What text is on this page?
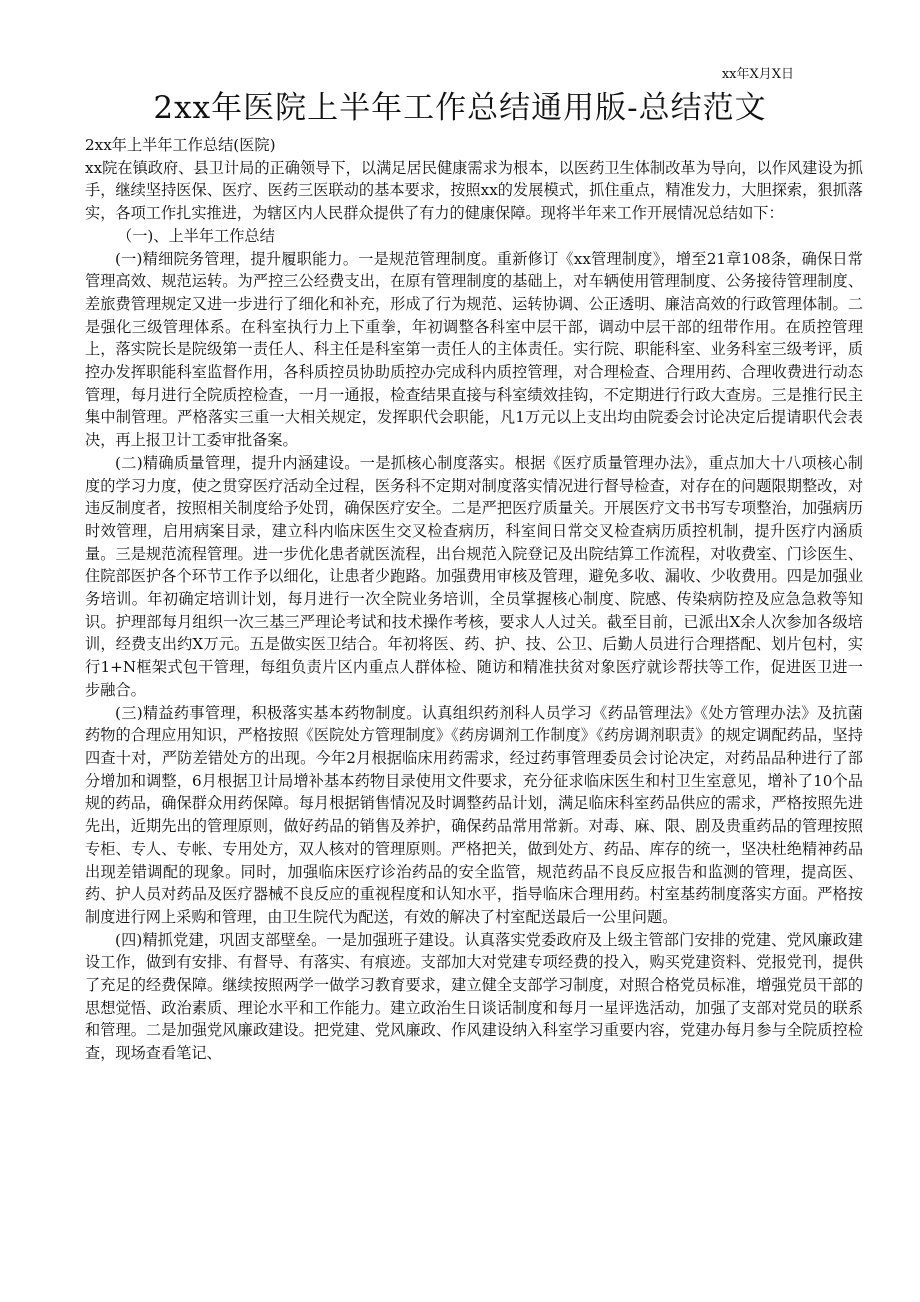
xx年X月X日
2xx年医院上半年工作总结通用版-总结范文

2xx年上半年工作总结(医院)

xx院在镇政府、县卫计局的正确领导下，以满足居民健康需求为根本，以医药卫生体制改革为导向，以作风建设为抓手，继续坚持医保、医疗、医药三医联动的基本要求，按照xx的发展模式，抓住重点，精准发力，大胆探索，狠抓落实，各项工作扎实推进，为辖区内人民群众提供了有力的健康保障。现将半年来工作开展情况总结如下：

（一)、上半年工作总结

(一)精细院务管理，提升履职能力。一是规范管理制度。重新修订《xx管理制度》，增至21章108条，确保日常管理高效、规范运转。为严控三公经费支出，在原有管理制度的基础上，对车辆使用管理制度、公务接待管理制度、差旅费管理规定又进一步进行了细化和补充，形成了行为规范、运转协调、公正透明、廉洁高效的行政管理体制。二是强化三级管理体系。在科室执行力上下重拳，年初调整各科室中层干部，调动中层干部的纽带作用。在质控管理上，落实院长是院级第一责任人、科主任是科室第一责任人的主体责任。实行院、职能科室、业务科室三级考评，质控办发挥职能科室监督作用，各科质控员协助质控办完成科内质控管理，对合理检查、合理用药、合理收费进行动态管理，每月进行全院质控检查，一月一通报，检查结果直接与科室绩效挂钩，不定期进行行政大查房。三是推行民主集中制管理。严格落实三重一大相关规定，发挥职代会职能，凡1万元以上支出均由院委会讨论决定后提请职代会表决，再上报卫计工委审批备案。

(二)精确质量管理，提升内涵建设。一是抓核心制度落实。根据《医疗质量管理办法》，重点加大十八项核心制度的学习力度，使之贯穿医疗活动全过程，医务科不定期对制度落实情况进行督导检查，对存在的问题限期整改，对违反制度者，按照相关制度给予处罚，确保医疗安全。二是严把医疗质量关。开展医疗文书书写专项整治，加强病历时效管理，启用病案目录，建立科内临床医生交叉检查病历，科室间日常交叉检查病历质控机制，提升医疗内涵质量。三是规范流程管理。进一步优化患者就医流程，出台规范入院登记及出院结算工作流程，对收费室、门诊医生、住院部医护各个环节工作予以细化，让患者少跑路。加强费用审核及管理，避免多收、漏收、少收费用。四是加强业务培训。年初确定培训计划，每月进行一次全院业务培训，全员掌握核心制度、院感、传染病防控及应急急救等知识。护理部每月组织一次三基三严理论考试和技术操作考核，要求人人过关。截至目前，已派出X余人次参加各级培训，经费支出约X万元。五是做实医卫结合。年初将医、药、护、技、公卫、后勤人员进行合理搭配、划片包村，实行1+N框架式包干管理，每组负责片区内重点人群体检、随访和精准扶贫对象医疗就诊帮扶等工作，促进医卫进一步融合。

(三)精益药事管理，积极落实基本药物制度。认真组织药剂科人员学习《药品管理法》《处方管理办法》及抗菌药物的合理应用知识，严格按照《医院处方管理制度》《药房调剂工作制度》《药房调剂职责》的规定调配药品，坚持四查十对，严防差错处方的出现。今年2月根据临床用药需求，经过药事管理委员会讨论决定，对药品品种进行了部分增加和调整，6月根据卫计局增补基本药物目录使用文件要求，充分征求临床医生和村卫生室意见，增补了10个品规的药品，确保群众用药保障。每月根据销售情况及时调整药品计划，满足临床科室药品供应的需求，严格按照先进先出，近期先出的管理原则，做好药品的销售及养护，确保药品常用常新。对毒、麻、限、剧及贵重药品的管理按照专柜、专人、专帐、专用处方，双人核对的管理原则。严格把关，做到处方、药品、库存的统一，坚决杜绝精神药品出现差错调配的现象。同时，加强临床医疗诊治药品的安全监管，规范药品不良反应报告和监测的管理，提高医、药、护人员对药品及医疗器械不良反应的重视程度和认知水平，指导临床合理用药。村室基药制度落实方面。严格按制度进行网上采购和管理，由卫生院代为配送，有效的解决了村室配送最后一公里问题。

(四)精抓党建，巩固支部壁垒。一是加强班子建设。认真落实党委政府及上级主管部门安排的党建、党风廉政建设工作，做到有安排、有督导、有落实、有痕迹。支部加大对党建专项经费的投入，购买党建资料、党报党刊，提供了充足的经费保障。继续按照两学一做学习教育要求，建立健全支部学习制度，对照合格党员标准，增强党员干部的思想觉悟、政治素质、理论水平和工作能力。建立政治生日谈话制度和每月一星评选活动，加强了支部对党员的联系和管理。二是加强党风廉政建设。把党建、党风廉政、作风建设纳入科室学习重要内容，党建办每月参与全院质控检查，现场查看笔记、
